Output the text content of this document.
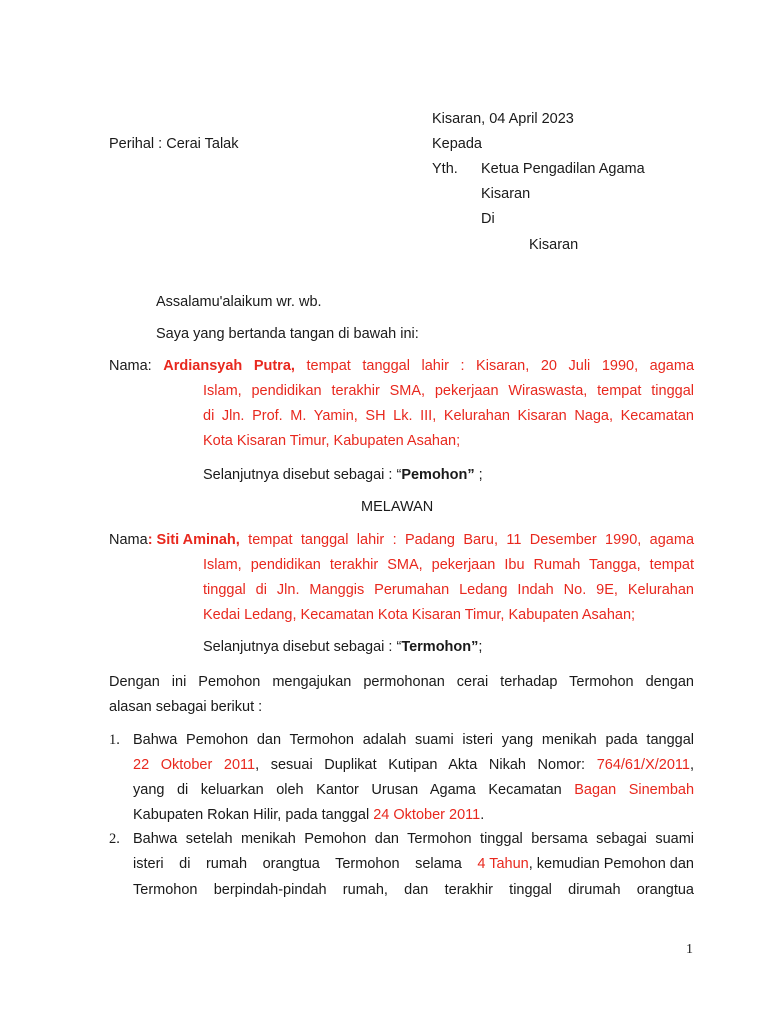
Kisaran, 04 April 2023
Perihal : Cerai Talak	Kepada
Yth. Ketua Pengadilan Agama
Kisaran
Di
Kisaran
Assalamu'alaikum wr. wb.
Saya yang bertanda tangan di bawah ini:
Nama: Ardiansyah Putra, tempat tanggal lahir : Kisaran, 20 Juli 1990, agama
Islam, pendidikan terakhir SMA, pekerjaan Wiraswasta, tempat tinggal
di Jln. Prof. M. Yamin, SH Lk. III, Kelurahan Kisaran Naga, Kecamatan
Kota Kisaran Timur, Kabupaten Asahan;
Selanjutnya disebut sebagai : “Pemohon” ;
MELAWAN
Nama: Siti Aminah, tempat tanggal lahir : Padang Baru, 11 Desember 1990, agama
Islam, pendidikan terakhir SMA, pekerjaan Ibu Rumah Tangga, tempat
tinggal di Jln. Manggis Perumahan Ledang Indah No. 9E, Kelurahan
Kedai Ledang, Kecamatan Kota Kisaran Timur, Kabupaten Asahan;
Selanjutnya disebut sebagai : “Termohon”;
Dengan ini Pemohon mengajukan permohonan cerai terhadap Termohon dengan
alasan sebagai berikut :
1. Bahwa Pemohon dan Termohon adalah suami isteri yang menikah pada tanggal
22 Oktober 2011, sesuai Duplikat Kutipan Akta Nikah Nomor: 764/61/X/2011,
yang di keluarkan oleh Kantor Urusan Agama Kecamatan Bagan Sinembah
Kabupaten Rokan Hilir, pada tanggal 24 Oktober 2011.
2. Bahwa setelah menikah Pemohon dan Termohon tinggal bersama sebagai suami
isteri di rumah orangtua Termohon selama 4 Tahun, kemudian Pemohon dan
Termohon berpindah-pindah rumah, dan terakhir tinggal dirumah orangtua
1
